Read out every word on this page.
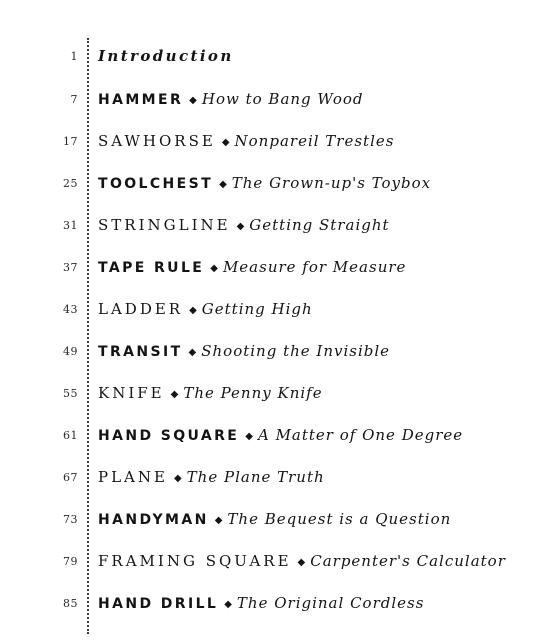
1 Introduction
7 HAMMER ◆ How to Bang Wood
17 SAWHORSE ◆ Nonpareil Trestles
25 TOOLCHEST ◆ The Grown-up's Toybox
31 STRINGLINE ◆ Getting Straight
37 TAPE RULE ◆ Measure for Measure
43 LADDER ◆ Getting High
49 TRANSIT ◆ Shooting the Invisible
55 KNIFE ◆ The Penny Knife
61 HAND SQUARE ◆ A Matter of One Degree
67 PLANE ◆ The Plane Truth
73 HANDYMAN ◆ The Bequest is a Question
79 FRAMING SQUARE ◆ Carpenter's Calculator
85 HAND DRILL ◆ The Original Cordless
